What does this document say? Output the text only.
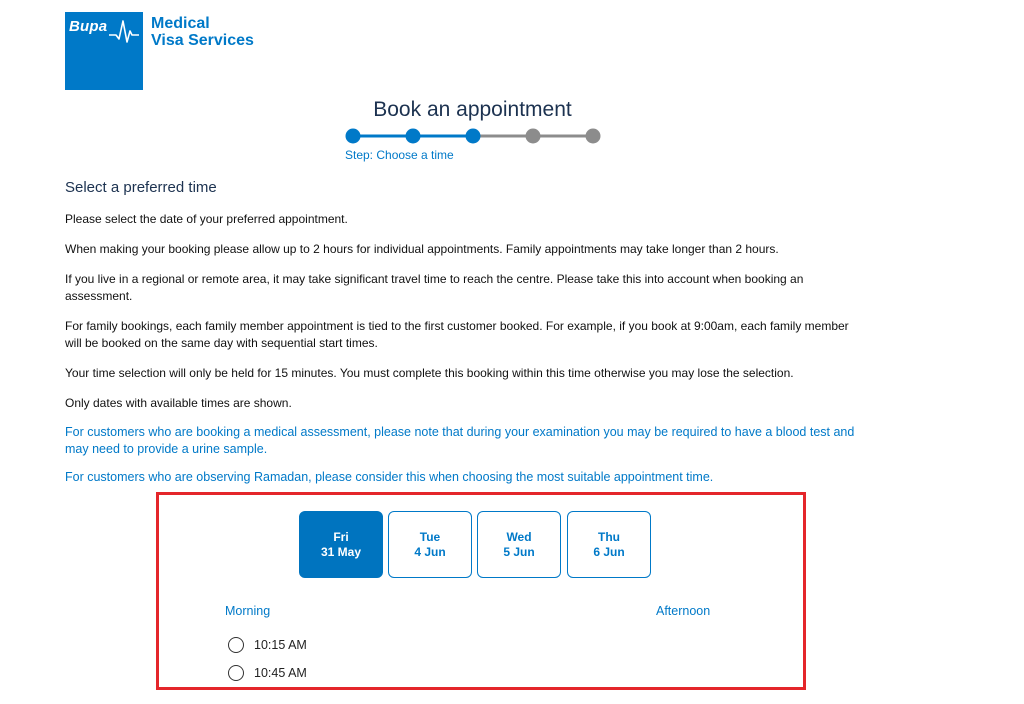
Bupa	Medical
Visa Services
Book an appointment
Step: Choose a time
Select a preferred time

Please select the date of your preferred appointment.

When making your booking please allow up to 2 hours for individual appointments. Family appointments may take longer than 2 hours.

If you live in a regional or remote area, it may take significant travel time to reach the centre. Please take this into account when booking an assessment.

For family bookings, each family member appointment is tied to the first customer booked. For example, if you book at 9:00am, each family member will be booked on the same day with sequential start times.

Your time selection will only be held for 15 minutes. You must complete this booking within this time otherwise you may lose the selection.

Only dates with available times are shown.

For customers who are booking a medical assessment, please note that during your examination you may be required to have a blood test and may need to provide a urine sample.

For customers who are observing Ramadan, please consider this when choosing the most suitable appointment time.

Fri
31 May
Tue
4 Jun
Wed
5 Jun
Thu
6 Jun
Morning	Afternoon
10:15 AM
10:45 AM
